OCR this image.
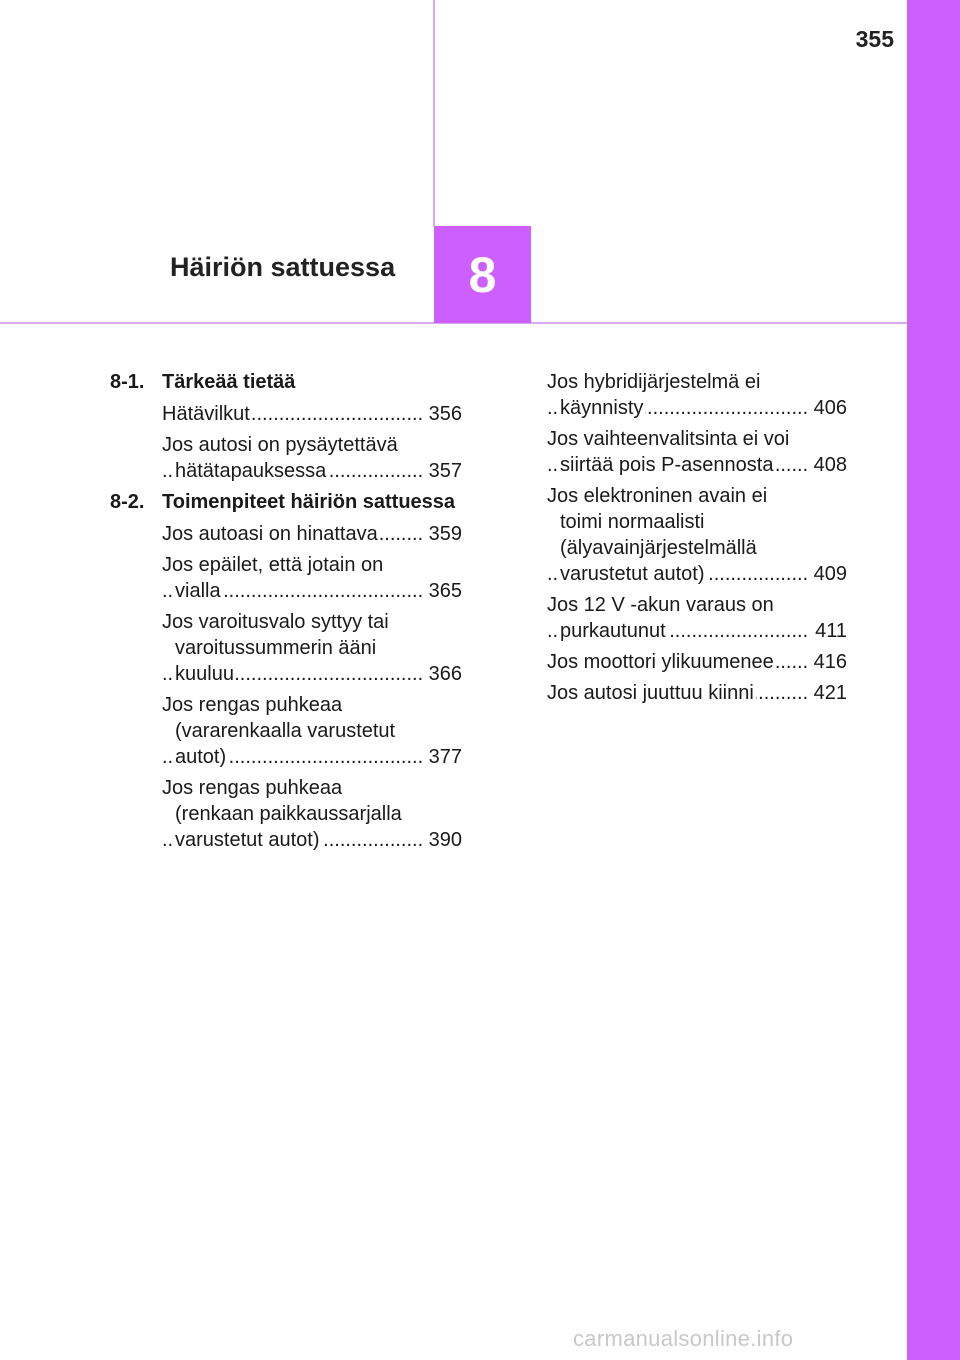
355
Häiriön sattuessa 8
8-1. Tärkeää tietää
Hätävilkut .....	356
Jos autosi on pysäytettävä hätätapauksessa .....	357
8-2. Toimenpiteet häiriön sattuessa
Jos autoasi on hinattava .....	359
Jos epäilet, että jotain on vialla .....	365
Jos varoitusvalo syttyy tai varoitussummerin ääni kuuluu .....	366
Jos rengas puhkeaa (vararenkaalla varustetut autot) .....	377
Jos rengas puhkeaa (renkaan paikkaussarjalla varustetut autot) .....	390
Jos hybridijärjestelmä ei käynnisty .....	406
Jos vaihteenvalitsinta ei voi siirtää pois P-asennosta .....	408
Jos elektroninen avain ei toimi normaalisti (älyavainjärjestelmällä varustetut autot) .....	409
Jos 12 V -akun varaus on purkautunut .....	411
Jos moottori ylikuumenee .....	416
Jos autosi juuttuu kiinni .....	421
carmanualsonline.info
